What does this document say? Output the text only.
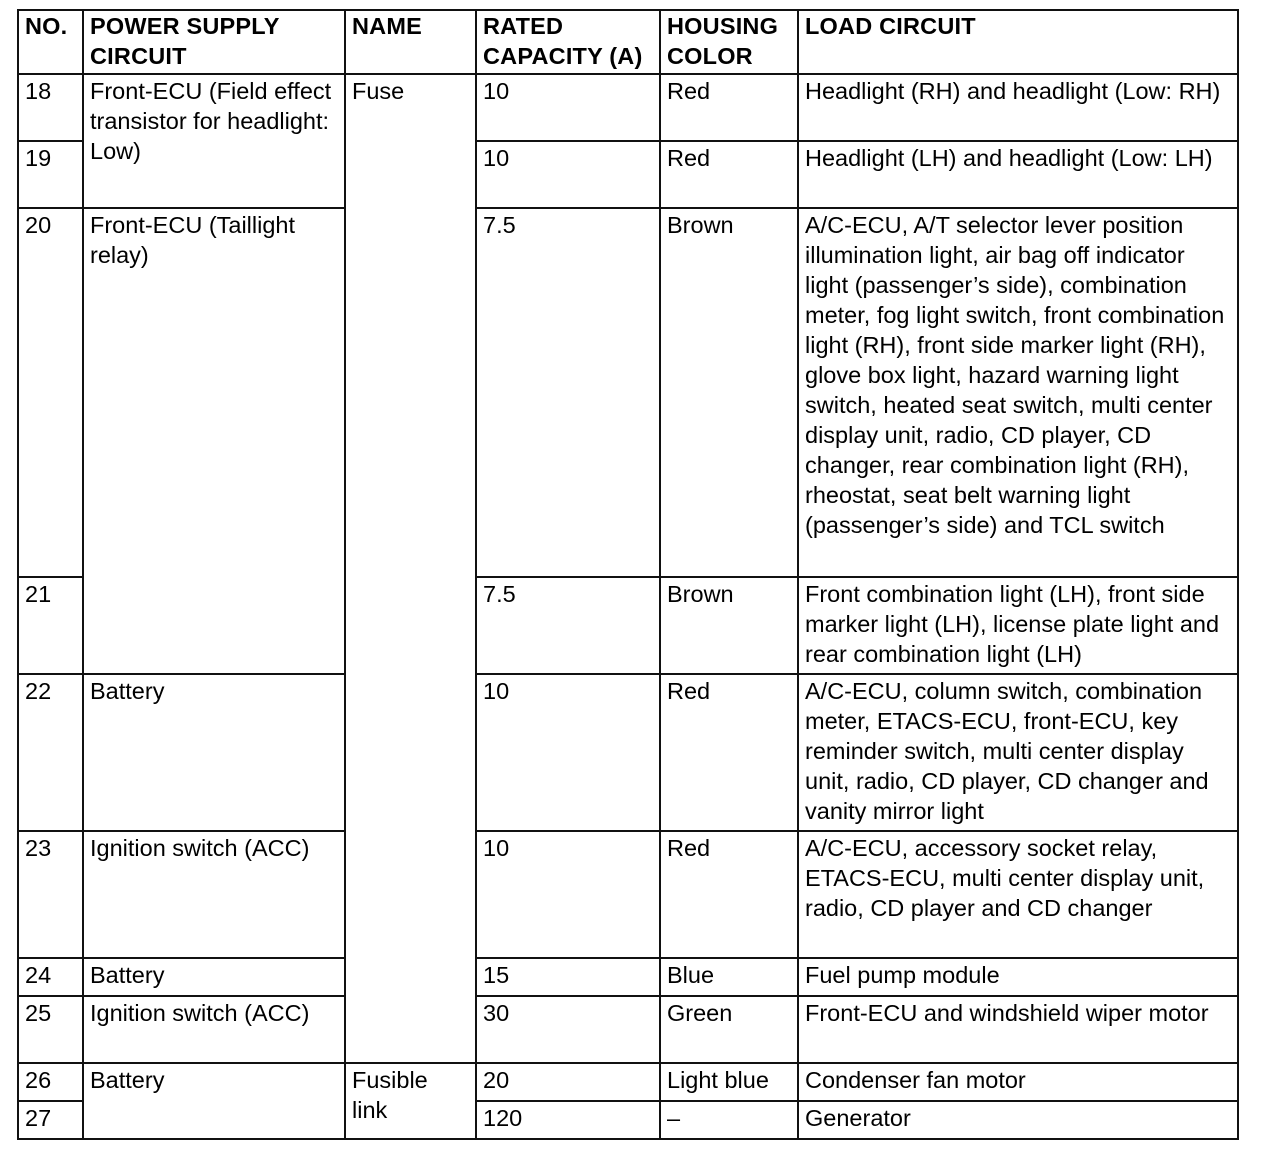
NO.	POWER SUPPLY CIRCUIT	NAME	RATED CAPACITY (A)	HOUSING COLOR	LOAD CIRCUIT
18	Front-ECU (Field effect transistor for headlight: Low)	Fuse	10	Red	Headlight (RH) and headlight (Low: RH)
19			10	Red	Headlight (LH) and headlight (Low: LH)
20	Front-ECU (Taillight relay)		7.5	Brown	A/C-ECU, A/T selector lever position illumination light, air bag off indicator light (passenger’s side), combination meter, fog light switch, front combination light (RH), front side marker light (RH), glove box light, hazard warning light switch, heated seat switch, multi center display unit, radio, CD player, CD changer, rear combination light (RH), rheostat, seat belt warning light (passenger’s side) and TCL switch
21			7.5	Brown	Front combination light (LH), front side marker light (LH), license plate light and rear combination light (LH)
22	Battery		10	Red	A/C-ECU, column switch, combination meter, ETACS-ECU, front-ECU, key reminder switch, multi center display unit, radio, CD player, CD changer and vanity mirror light
23	Ignition switch (ACC)		10	Red	A/C-ECU, accessory socket relay, ETACS-ECU, multi center display unit, radio, CD player and CD changer
24	Battery		15	Blue	Fuel pump module
25	Ignition switch (ACC)		30	Green	Front-ECU and windshield wiper motor
26	Battery	Fusible link	20	Light blue	Condenser fan motor
27			120	–	Generator
